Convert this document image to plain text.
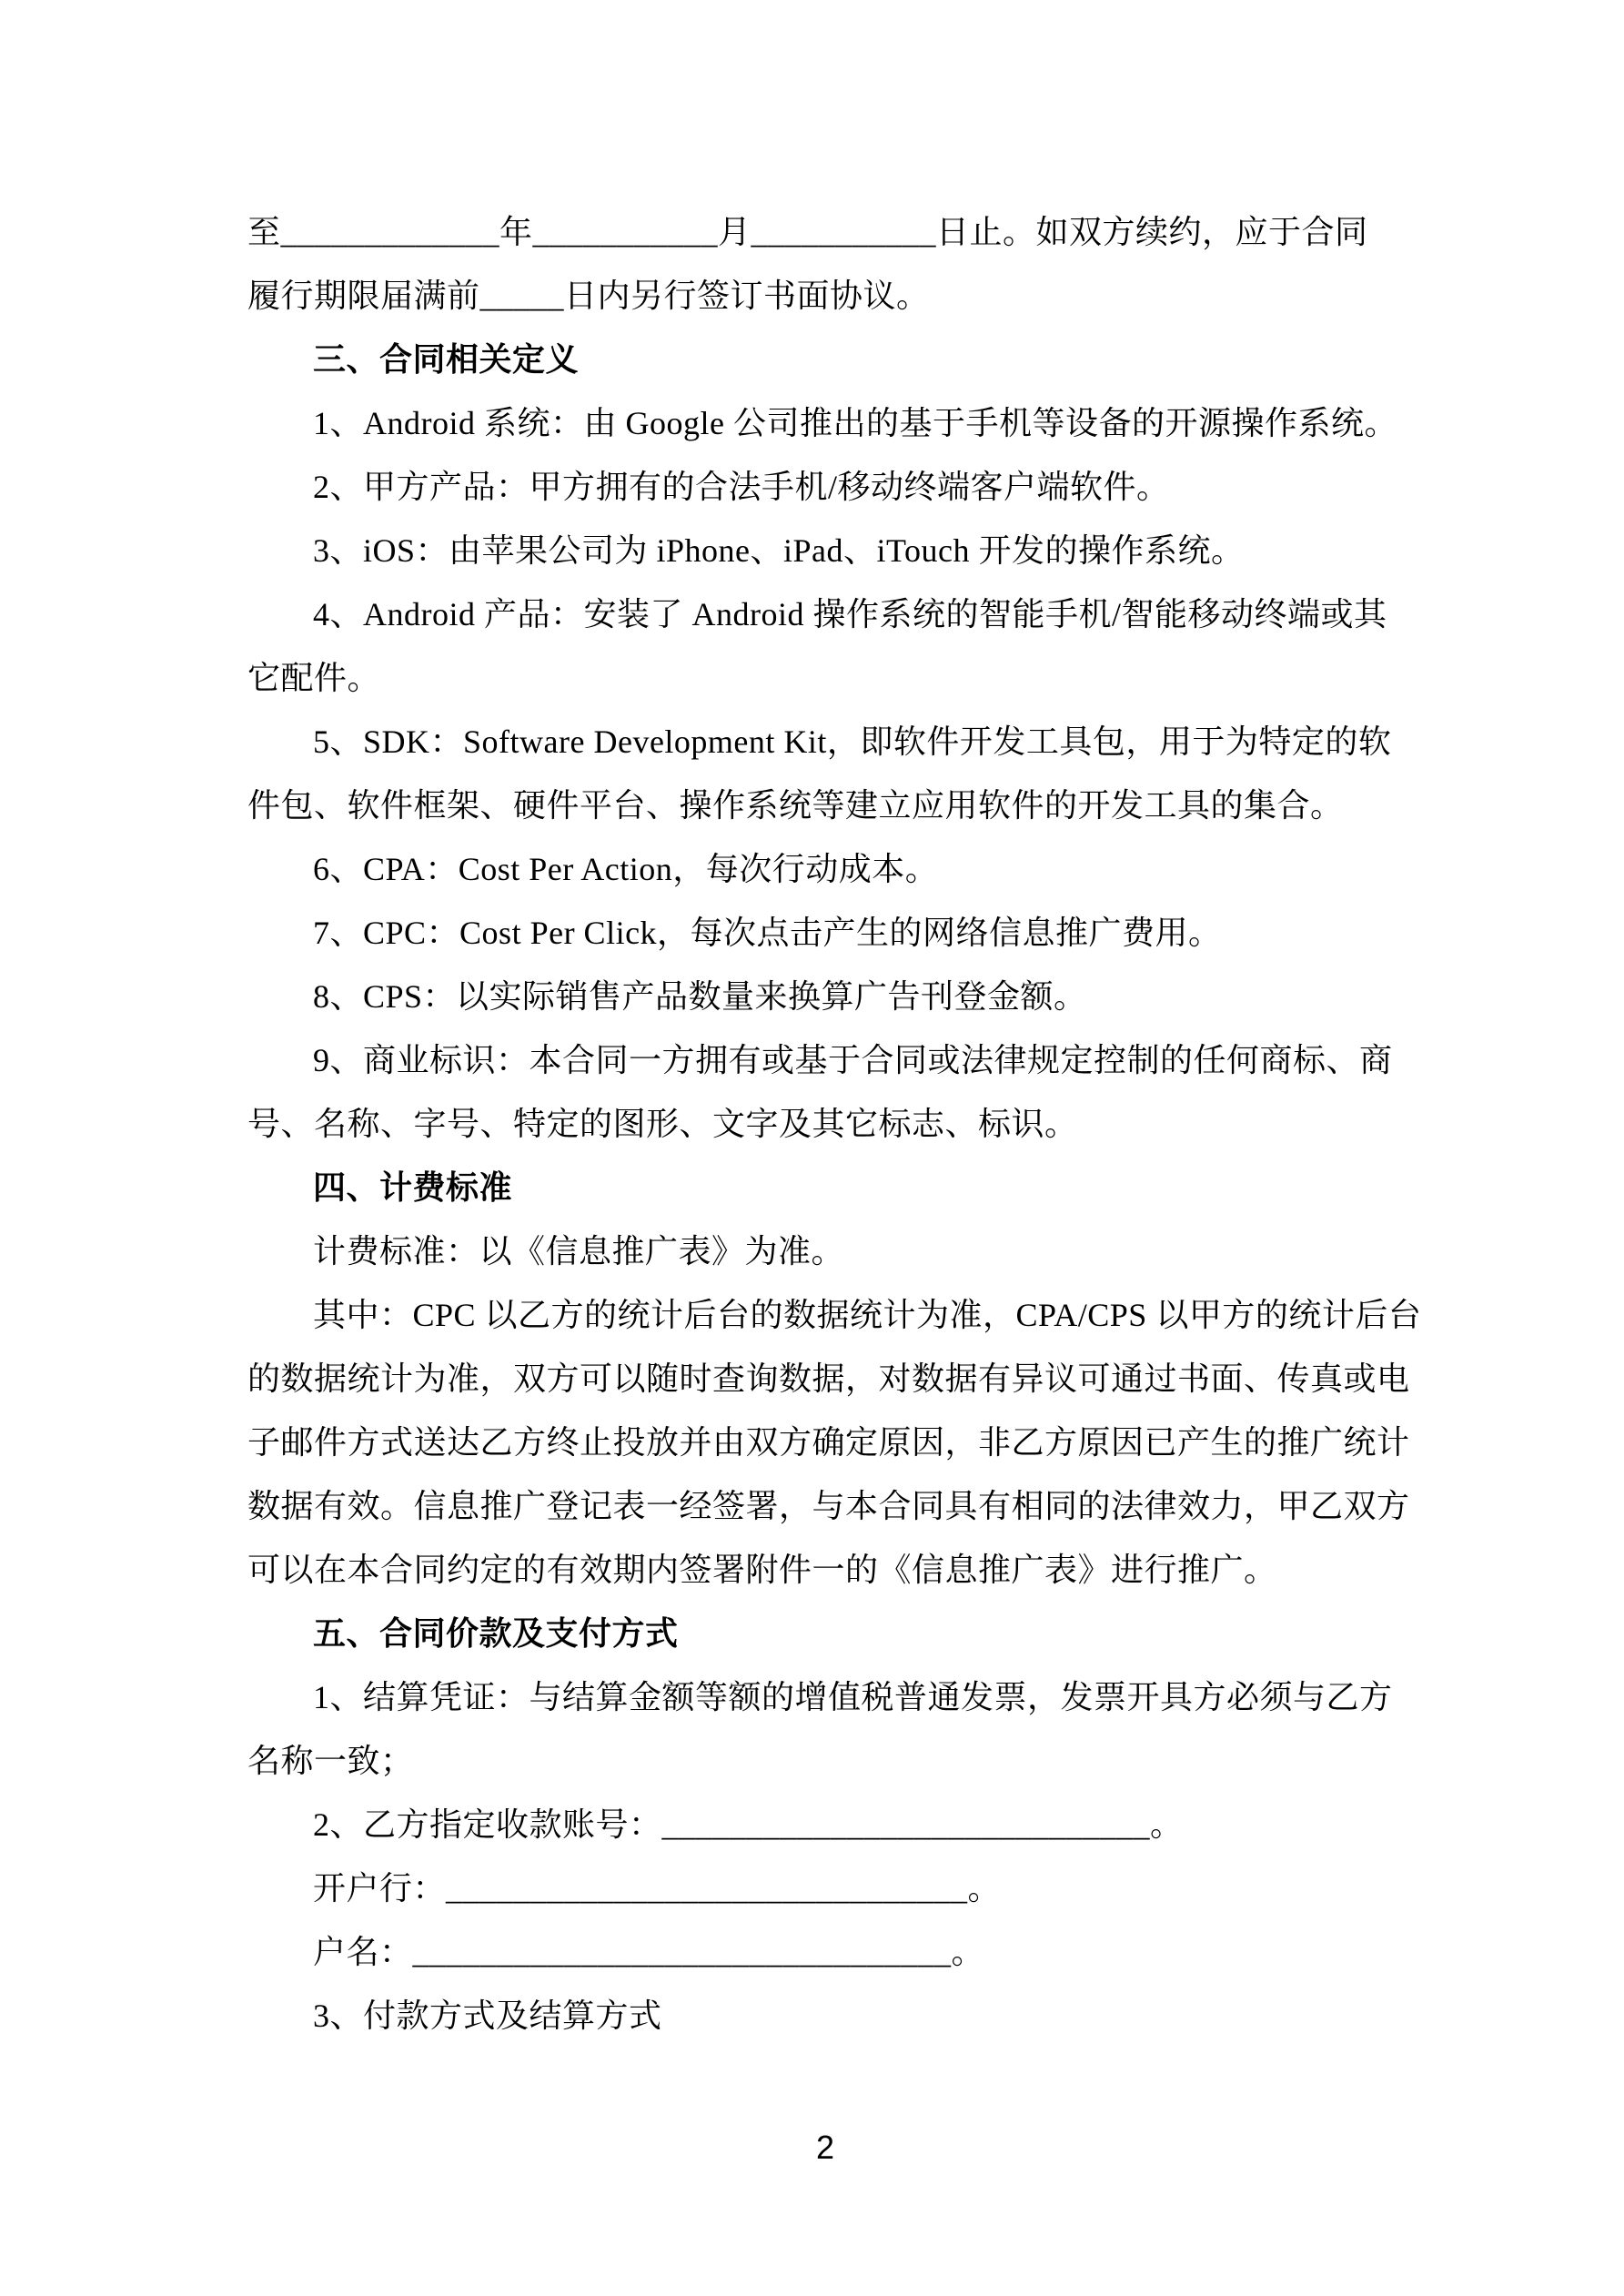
至_____________年___________月___________日止。如双方续约，应于合同

履行期限届满前_____日内另行签订书面协议。

三、合同相关定义

1、Android 系统：由 Google 公司推出的基于手机等设备的开源操作系统。

2、甲方产品：甲方拥有的合法手机/移动终端客户端软件。

3、iOS：由苹果公司为 iPhone、iPad、iTouch 开发的操作系统。

4、Android 产品：安装了 Android 操作系统的智能手机/智能移动终端或其

它配件。

5、SDK：Software Development Kit，即软件开发工具包，用于为特定的软

件包、软件框架、硬件平台、操作系统等建立应用软件的开发工具的集合。

6、CPA：Cost Per Action，每次行动成本。

7、CPC：Cost Per Click，每次点击产生的网络信息推广费用。

8、CPS：以实际销售产品数量来换算广告刊登金额。

9、商业标识：本合同一方拥有或基于合同或法律规定控制的任何商标、商

号、名称、字号、特定的图形、文字及其它标志、标识。

四、计费标准

计费标准：以《信息推广表》为准。

其中：CPC 以乙方的统计后台的数据统计为准，CPA/CPS 以甲方的统计后台

的数据统计为准，双方可以随时查询数据，对数据有异议可通过书面、传真或电

子邮件方式送达乙方终止投放并由双方确定原因，非乙方原因已产生的推广统计

数据有效。信息推广登记表一经签署，与本合同具有相同的法律效力，甲乙双方

可以在本合同约定的有效期内签署附件一的《信息推广表》进行推广。

五、合同价款及支付方式

1、结算凭证：与结算金额等额的增值税普通发票，发票开具方必须与乙方

名称一致；

2、乙方指定收款账号：_____________________________。

开户行：_______________________________。

户名：________________________________。

3、付款方式及结算方式

2
